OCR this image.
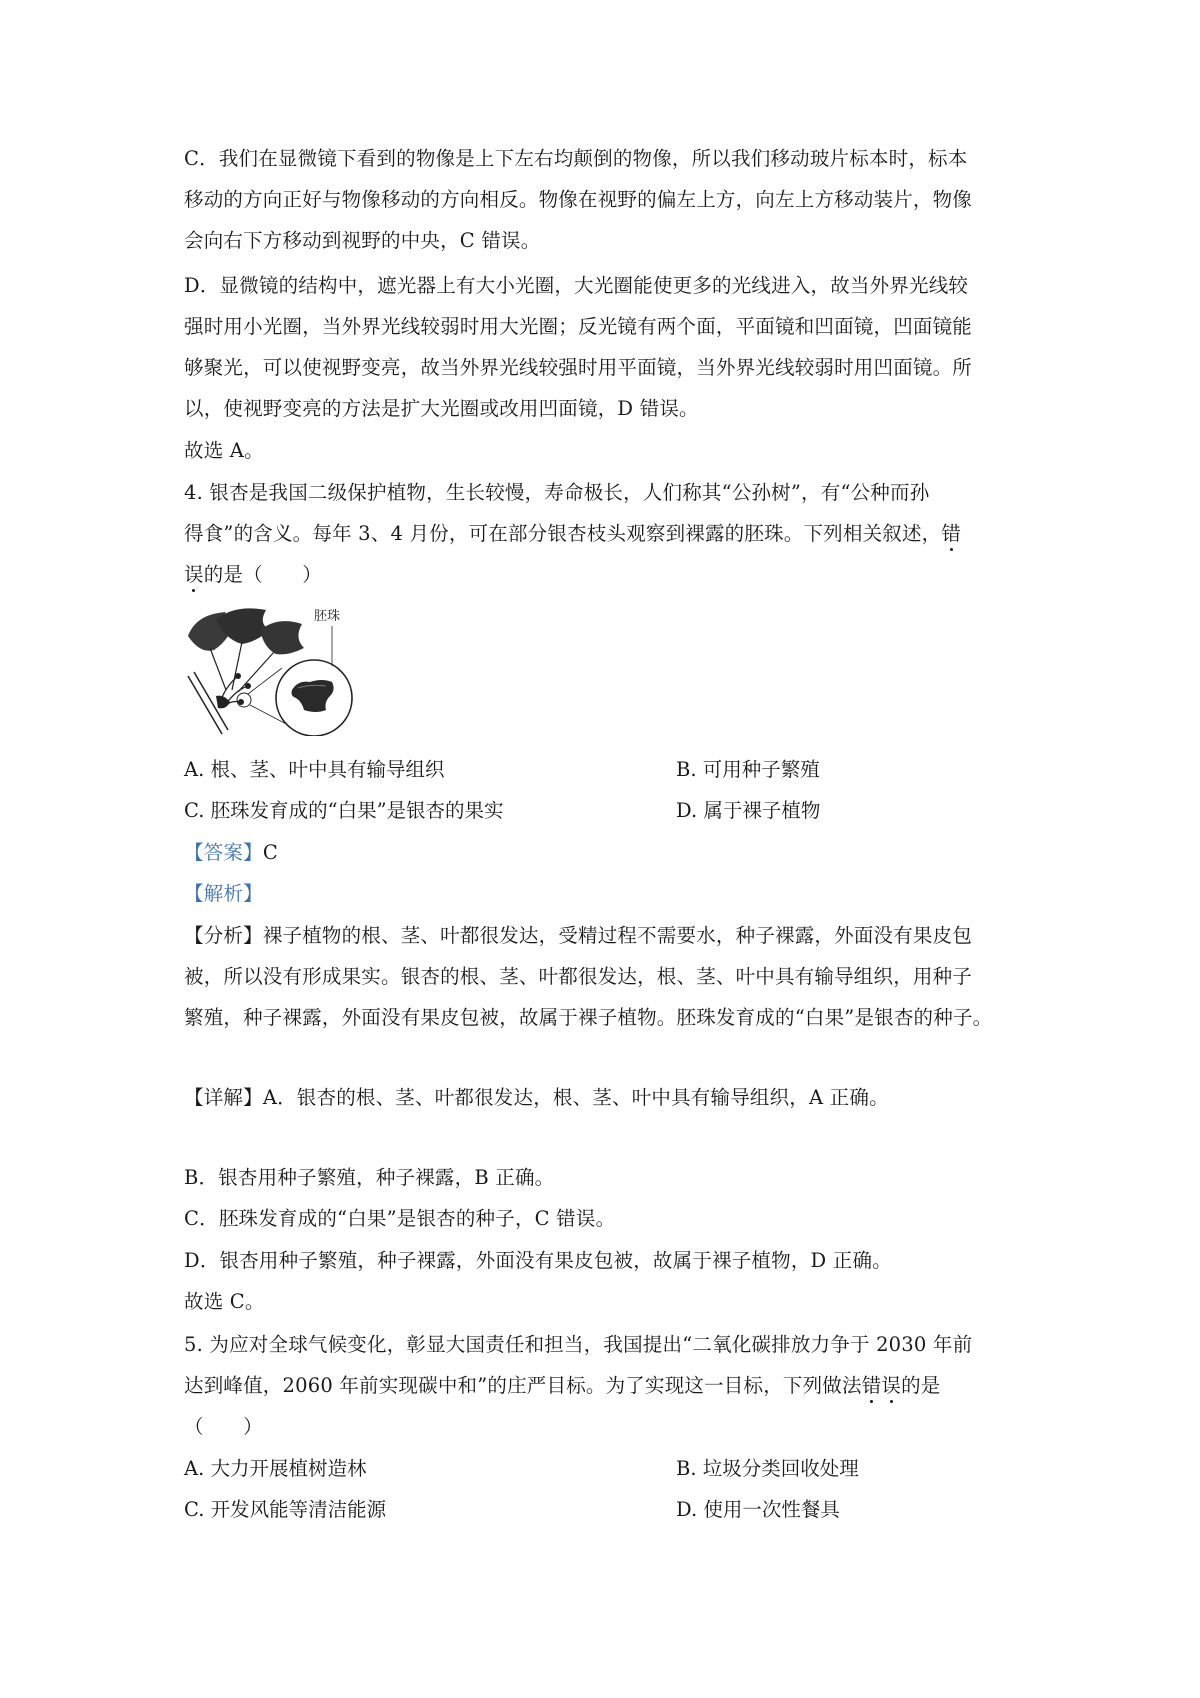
C．我们在显微镜下看到的物像是上下左右均颠倒的物像，所以我们移动玻片标本时，标本
移动的方向正好与物像移动的方向相反。物像在视野的偏左上方，向左上方移动装片，物像
会向右下方移动到视野的中央，C 错误。
D．显微镜的结构中，遮光器上有大小光圈，大光圈能使更多的光线进入，故当外界光线较
强时用小光圈，当外界光线较弱时用大光圈；反光镜有两个面，平面镜和凹面镜，凹面镜能
够聚光，可以使视野变亮，故当外界光线较强时用平面镜，当外界光线较弱时用凹面镜。所
以，使视野变亮的方法是扩大光圈或改用凹面镜，D 错误。
故选 A。
4. 银杏是我国二级保护植物，生长较慢，寿命极长，人们称其“公孙树”，有“公种而孙
得食”的含义。每年 3、4 月份，可在部分银杏枝头观察到裸露的胚珠。下列相关叙述，错
误的是（　　）
胚珠
A. 根、茎、叶中具有输导组织	B. 可用种子繁殖
C. 胚珠发育成的“白果”是银杏的果实	D. 属于裸子植物
【答案】C
【解析】
【分析】裸子植物的根、茎、叶都很发达，受精过程不需要水，种子裸露，外面没有果皮包
被，所以没有形成果实。银杏的根、茎、叶都很发达，根、茎、叶中具有输导组织，用种子
繁殖，种子裸露，外面没有果皮包被，故属于裸子植物。胚珠发育成的“白果”是银杏的种子。
【详解】A．银杏的根、茎、叶都很发达，根、茎、叶中具有输导组织，A 正确。
B．银杏用种子繁殖，种子裸露，B 正确。
C．胚珠发育成的“白果”是银杏的种子，C 错误。
D．银杏用种子繁殖，种子裸露，外面没有果皮包被，故属于裸子植物，D 正确。
故选 C。
5. 为应对全球气候变化，彰显大国责任和担当，我国提出“二氧化碳排放力争于 2030 年前
达到峰值，2060 年前实现碳中和”的庄严目标。为了实现这一目标，下列做法错误的是
（　　）
A. 大力开展植树造林	B. 垃圾分类回收处理
C. 开发风能等清洁能源	D. 使用一次性餐具
